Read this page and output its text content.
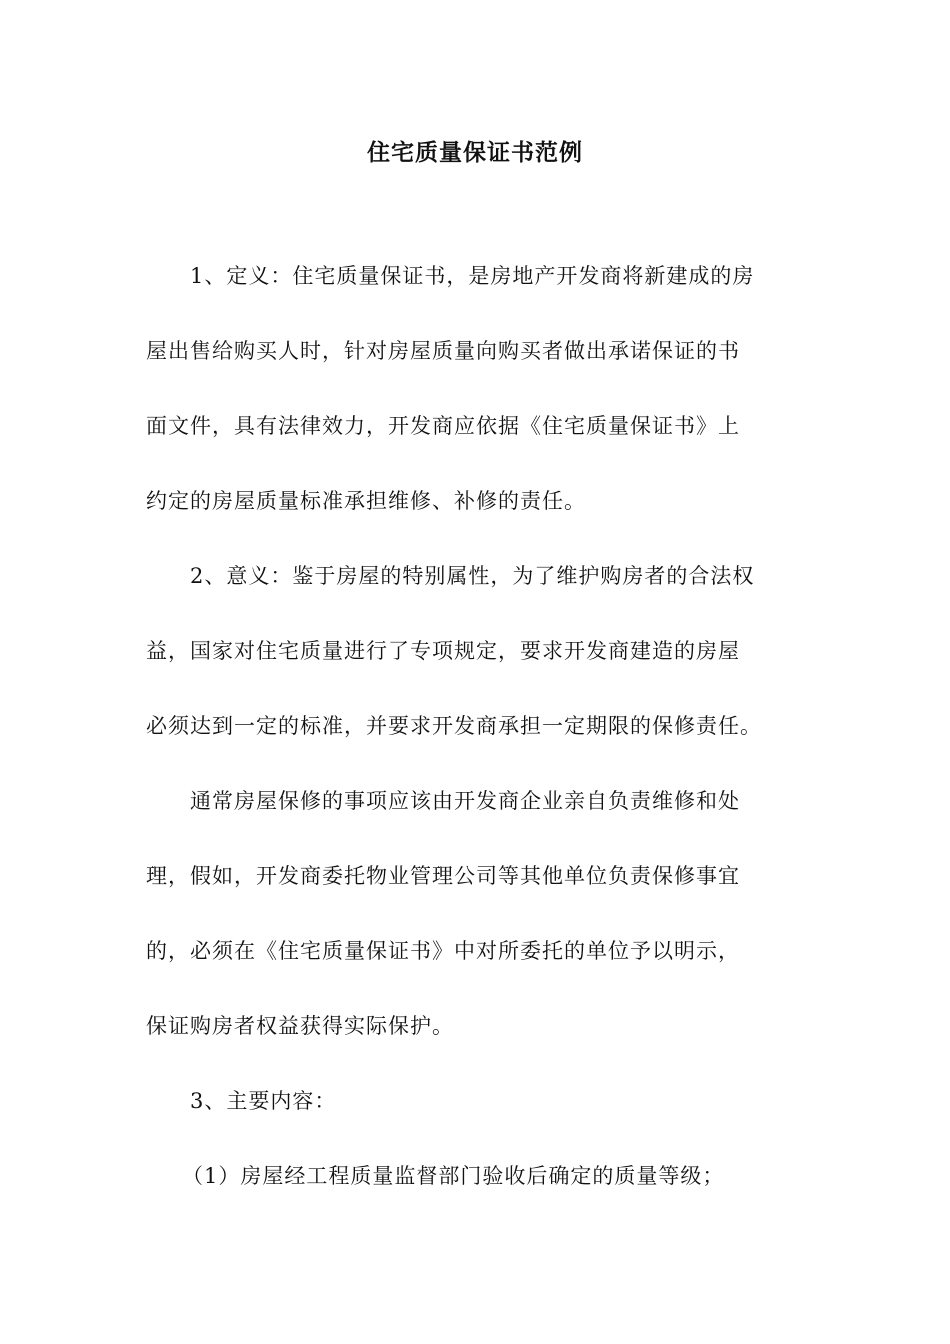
住宅质量保证书范例
1、定义：住宅质量保证书，是房地产开发商将新建成的房
屋出售给购买人时，针对房屋质量向购买者做出承诺保证的书
面文件，具有法律效力，开发商应依据《住宅质量保证书》上
约定的房屋质量标准承担维修、补修的责任。
2、意义：鉴于房屋的特别属性，为了维护购房者的合法权
益，国家对住宅质量进行了专项规定，要求开发商建造的房屋
必须达到一定的标准，并要求开发商承担一定期限的保修责任。
通常房屋保修的事项应该由开发商企业亲自负责维修和处
理，假如，开发商委托物业管理公司等其他单位负责保修事宜
的，必须在《住宅质量保证书》中对所委托的单位予以明示，
保证购房者权益获得实际保护。
3、主要内容：
（1）房屋经工程质量监督部门验收后确定的质量等级；
